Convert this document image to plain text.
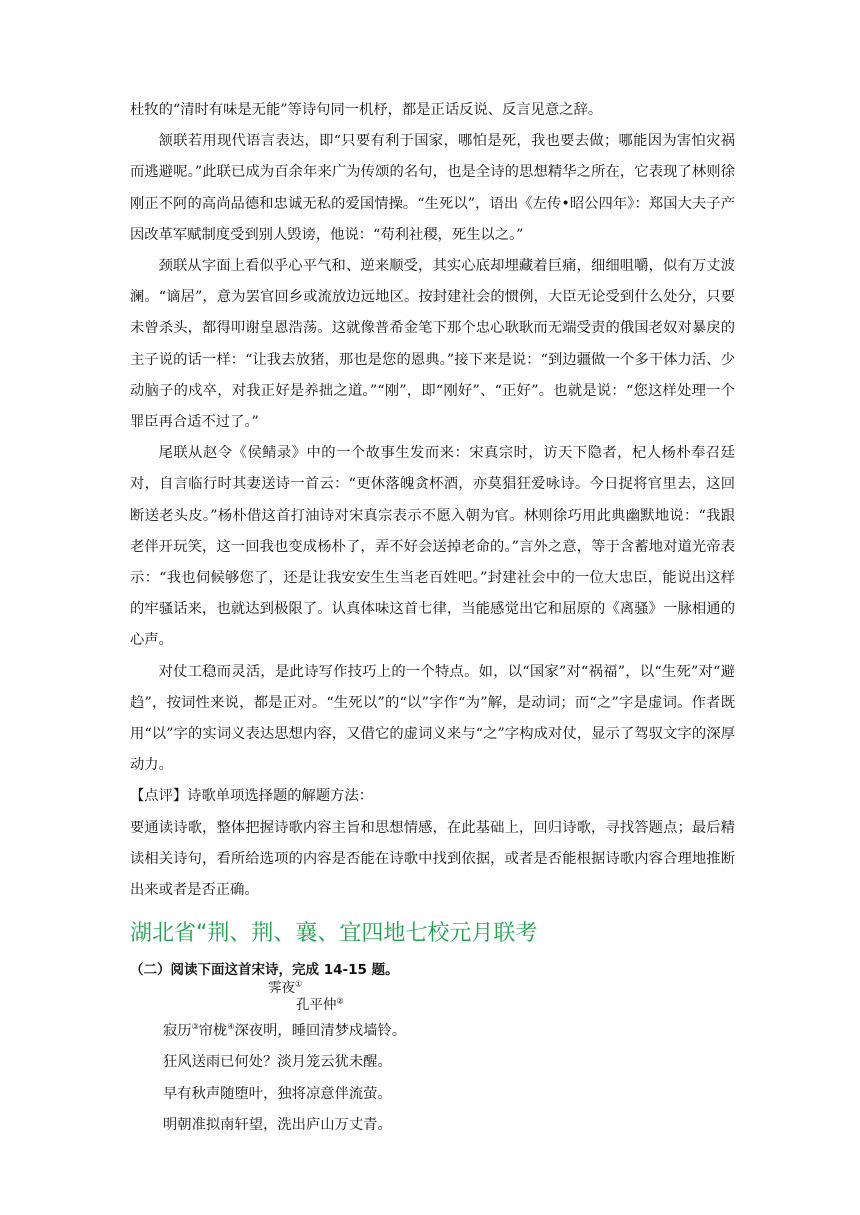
杜牧的“清时有味是无能”等诗句同一机杼，都是正话反说、反言见意之辞。

颔联若用现代语言表达，即“只要有利于国家，哪怕是死，我也要去做；哪能因为害怕灾祸而逃避呢。”此联已成为百余年来广为传颂的名句，也是全诗的思想精华之所在，它表现了林则徐刚正不阿的高尚品德和忠诚无私的爱国情操。“生死以”，语出《左传•昭公四年》：郑国大夫子产因改革军赋制度受到别人毁谤，他说：“苟利社稷，死生以之。”

颈联从字面上看似乎心平气和、逆来顺受，其实心底却埋藏着巨痛，细细咀嚼，似有万丈波澜。“谪居”，意为罢官回乡或流放边远地区。按封建社会的惯例，大臣无论受到什么处分，只要未曾杀头，都得叩谢皇恩浩荡。这就像普希金笔下那个忠心耿耿而无端受责的俄国老奴对暴戾的主子说的话一样：“让我去放猪，那也是您的恩典。”接下来是说：“到边疆做一个多干体力活、少动脑子的戍卒，对我正好是养拙之道。”“刚”，即“刚好”、“正好”。也就是说：“您这样处理一个罪臣再合适不过了。”

尾联从赵令《侯鲭录》中的一个故事生发而来：宋真宗时，访天下隐者，杞人杨朴奉召廷对，自言临行时其妻送诗一首云：“更休落魄贪杯酒，亦莫猖狂爱咏诗。今日捉将官里去，这回断送老头皮。”杨朴借这首打油诗对宋真宗表示不愿入朝为官。林则徐巧用此典幽默地说：“我跟老伴开玩笑，这一回我也变成杨朴了，弄不好会送掉老命的。”言外之意，等于含蓄地对道光帝表示：“我也伺候够您了，还是让我安安生生当老百姓吧。”封建社会中的一位大忠臣，能说出这样的牢骚话来，也就达到极限了。认真体味这首七律，当能感觉出它和屈原的《离骚》一脉相通的心声。

对仗工稳而灵活，是此诗写作技巧上的一个特点。如，以“国家”对“祸福”，以“生死”对“避趋”，按词性来说，都是正对。“生死以”的“以”字作“为”解，是动词；而“之”字是虚词。作者既用“以”字的实词义表达思想内容，又借它的虚词义来与“之”字构成对仗，显示了驾驭文字的深厚动力。

【点评】诗歌单项选择题的解题方法：

要通读诗歌，整体把握诗歌内容主旨和思想情感，在此基础上，回归诗歌，寻找答题点；最后精读相关诗句，看所给选项的内容是否能在诗歌中找到依据，或者是否能根据诗歌内容合理地推断出来或者是否正确。

湖北省“荆、荆、襄、宜四地七校元月联考

（二）阅读下面这首宋诗，完成 14-15 题。

霁夜①

孔平仲②

寂历③帘栊④深夜明，睡回清梦戍墙铃。

狂风送雨已何处？淡月笼云犹未醒。

早有秋声随堕叶，独将凉意伴流萤。

明朝准拟南轩望，洗出庐山万丈青。
